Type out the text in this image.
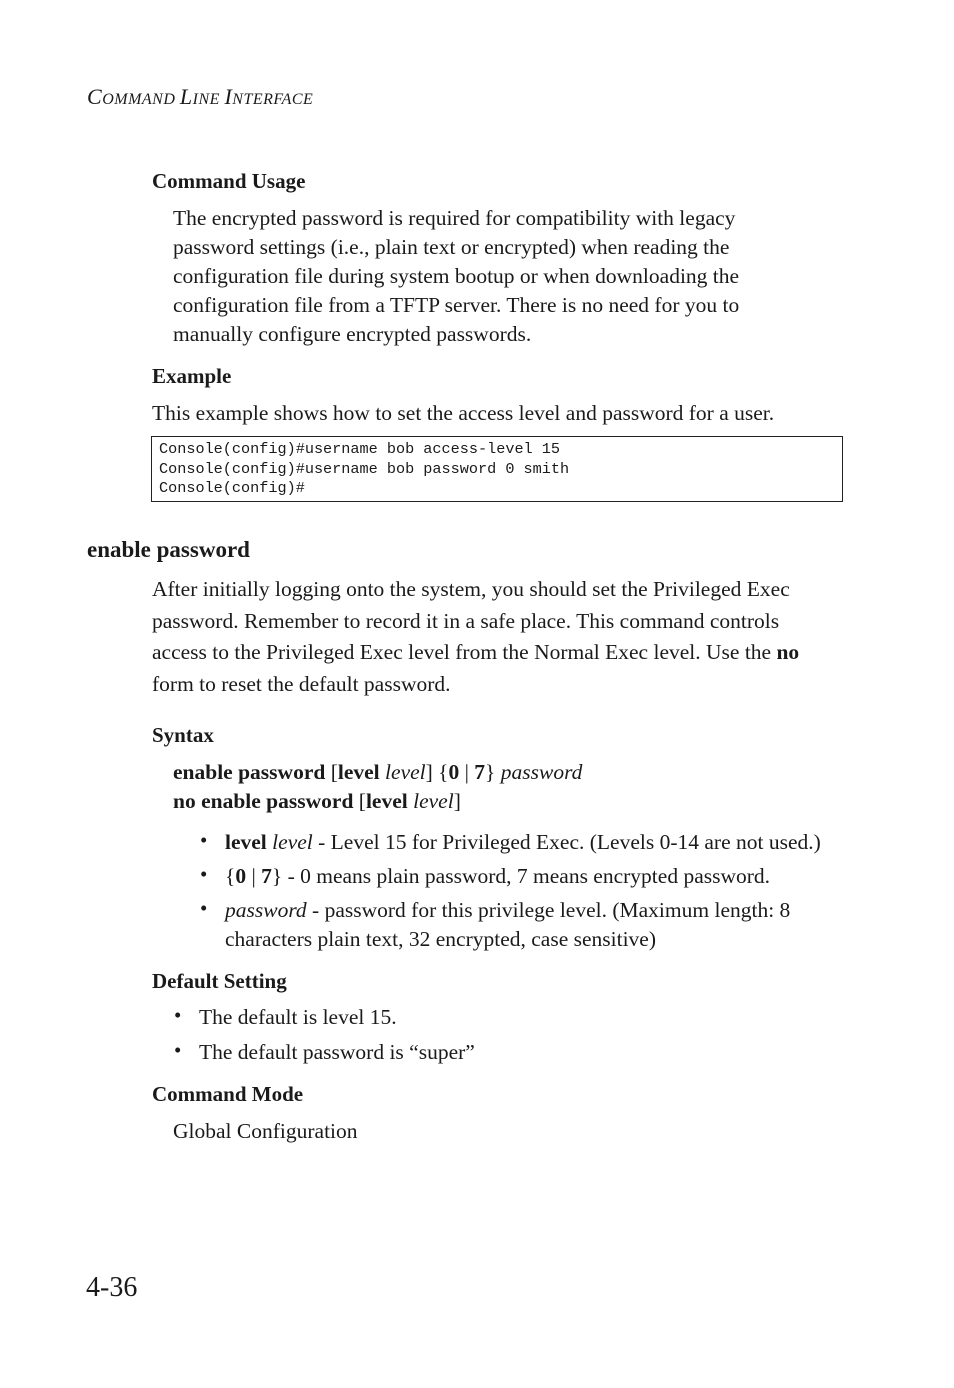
COMMAND LINE INTERFACE
Command Usage
The encrypted password is required for compatibility with legacy
password settings (i.e., plain text or encrypted) when reading the
configuration file during system bootup or when downloading the
configuration file from a TFTP server. There is no need for you to
manually configure encrypted passwords.
Example
This example shows how to set the access level and password for a user.
Console(config)#username bob access-level 15
Console(config)#username bob password 0 smith
Console(config)#
enable password
After initially logging onto the system, you should set the Privileged Exec
password. Remember to record it in a safe place. This command controls
access to the Privileged Exec level from the Normal Exec level. Use the no
form to reset the default password.
Syntax
enable password [level level] {0 | 7} password
no enable password [level level]
• level level - Level 15 for Privileged Exec. (Levels 0-14 are not used.)
• {0 | 7} - 0 means plain password, 7 means encrypted password.
• password - password for this privilege level. (Maximum length: 8
characters plain text, 32 encrypted, case sensitive)
Default Setting
• The default is level 15.
• The default password is “super”
Command Mode
Global Configuration
4-36
